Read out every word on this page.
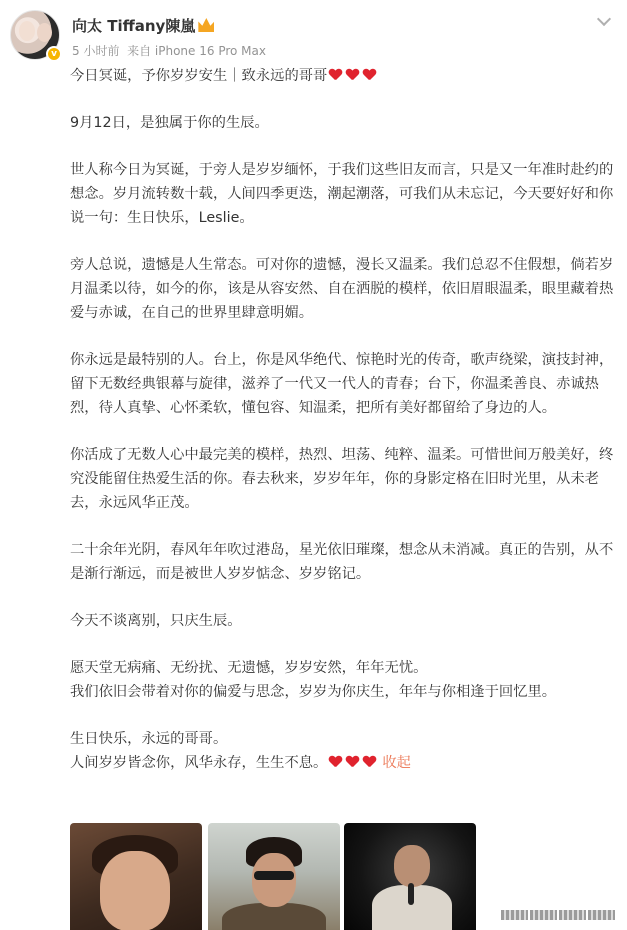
v
向太 Tiffany陳嵐
5 小时前 来自 iPhone 16 Pro Max

今日冥诞，予你岁岁安生｜致永远的哥哥

9月12日，是独属于你的生辰。

世人称今日为冥诞，于旁人是岁岁缅怀，于我们这些旧友而言，只是又一年准时赴约的想念。岁月流转数十载，人间四季更迭，潮起潮落，可我们从未忘记，今天要好好和你说一句：生日快乐，Leslie。

旁人总说，遗憾是人生常态。可对你的遗憾，漫长又温柔。我们总忍不住假想，倘若岁月温柔以待，如今的你，该是从容安然、自在洒脱的模样，依旧眉眼温柔，眼里藏着热爱与赤诚，在自己的世界里肆意明媚。

你永远是最特别的人。台上，你是风华绝代、惊艳时光的传奇，歌声绕梁，演技封神，留下无数经典银幕与旋律，滋养了一代又一代人的青春；台下，你温柔善良、赤诚热烈，待人真挚、心怀柔软，懂包容、知温柔，把所有美好都留给了身边的人。

你活成了无数人心中最完美的模样，热烈、坦荡、纯粹、温柔。可惜世间万般美好，终究没能留住热爱生活的你。春去秋来，岁岁年年，你的身影定格在旧时光里，从未老去，永远风华正茂。

二十余年光阴，春风年年吹过港岛，星光依旧璀璨，想念从未消减。真正的告别，从不是渐行渐远，而是被世人岁岁惦念、岁岁铭记。

今天不谈离别，只庆生辰。

愿天堂无病痛、无纷扰、无遗憾，岁岁安然，年年无忧。

我们依旧会带着对你的偏爱与思念，岁岁为你庆生，年年与你相逢于回忆里。

生日快乐，永远的哥哥。

人间岁岁皆念你，风华永存，生生不息。	收起
